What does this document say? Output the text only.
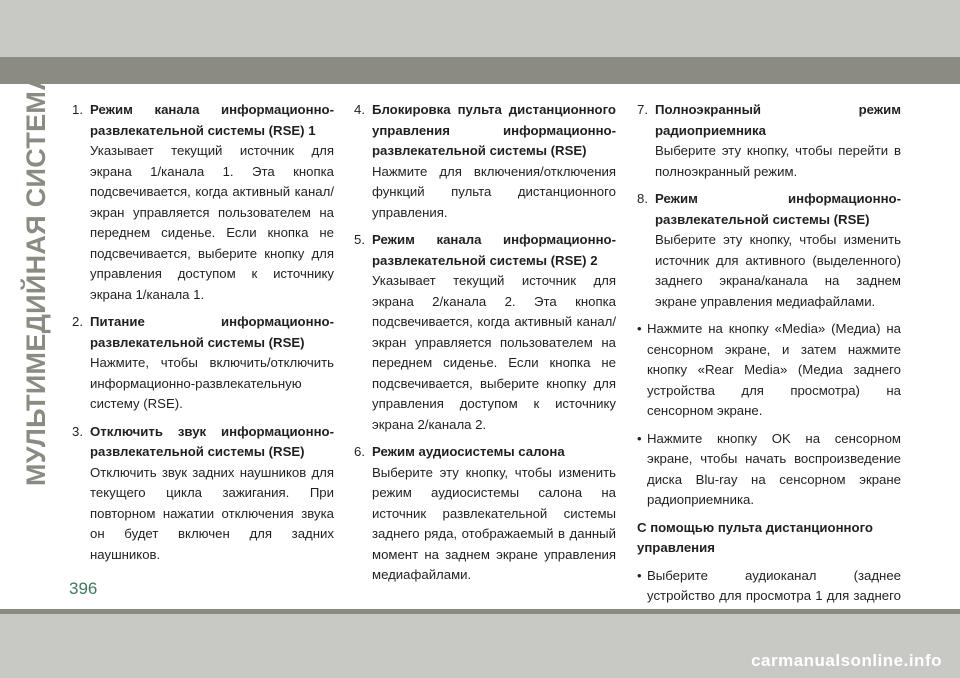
МУЛЬТИМЕДИЙНАЯ СИСТЕМА 1. Режим канала информационно-развлекательной системы (RSE) 1

Указывает текущий источник для экрана 1/канала 1. Эта кнопка подсвечивается, когда активный канал/экран управляется пользователем на переднем сиденье. Если кнопка не подсвечивается, выберите кнопку для управления доступом к источнику экрана 1/канала 1.

2. Питание информационно-развлекательной системы (RSE)

Нажмите, чтобы включить/отключить информационно-развлекательную систему (RSE).

3. Отключить звук информационно-развлекательной системы (RSE)

Отключить звук задних наушников для текущего цикла зажигания. При повторном нажатии отключения звука он будет включен для задних наушников.

4. Блокировка пульта дистанционного управления информационно-развлекательной системы (RSE)

Нажмите для включения/отключения функций пульта дистанционного управления.

5. Режим канала информационно-развлекательной системы (RSE) 2

Указывает текущий источник для экрана 2/канала 2. Эта кнопка подсвечивается, когда активный канал/экран управляется пользователем на переднем сиденье. Если кнопка не подсвечивается, выберите кнопку для управления доступом к источнику экрана 2/канала 2.

6. Режим аудиосистемы салона

Выберите эту кнопку, чтобы изменить режим аудиосистемы салона на источник развлекательной системы заднего ряда, отображаемый в данный момент на заднем экране управления медиафайлами.

7. Полноэкранный режим радиоприемника

Выберите эту кнопку, чтобы перейти в полноэкранный режим.

8. Режим информационно-развлекательной системы (RSE)

Выберите эту кнопку, чтобы изменить источник для активного (выделенного) заднего экрана/канала на заднем экране управления медиафайлами.

• Нажмите на кнопку «Media» (Медиа) на сенсорном экране, и затем нажмите кнопку «Rear Media» (Медиа заднего устройства для просмотра) на сенсорном экране.
• Нажмите кнопку OK на сенсорном экране, чтобы начать воспроизведение диска Blu-ray на сенсорном экране радиоприемника.

С помощью пульта дистанционного управления

• Выберите аудиоканал (заднее устройство для просмотра 1 для заднего
396
carmanualsonline.info
